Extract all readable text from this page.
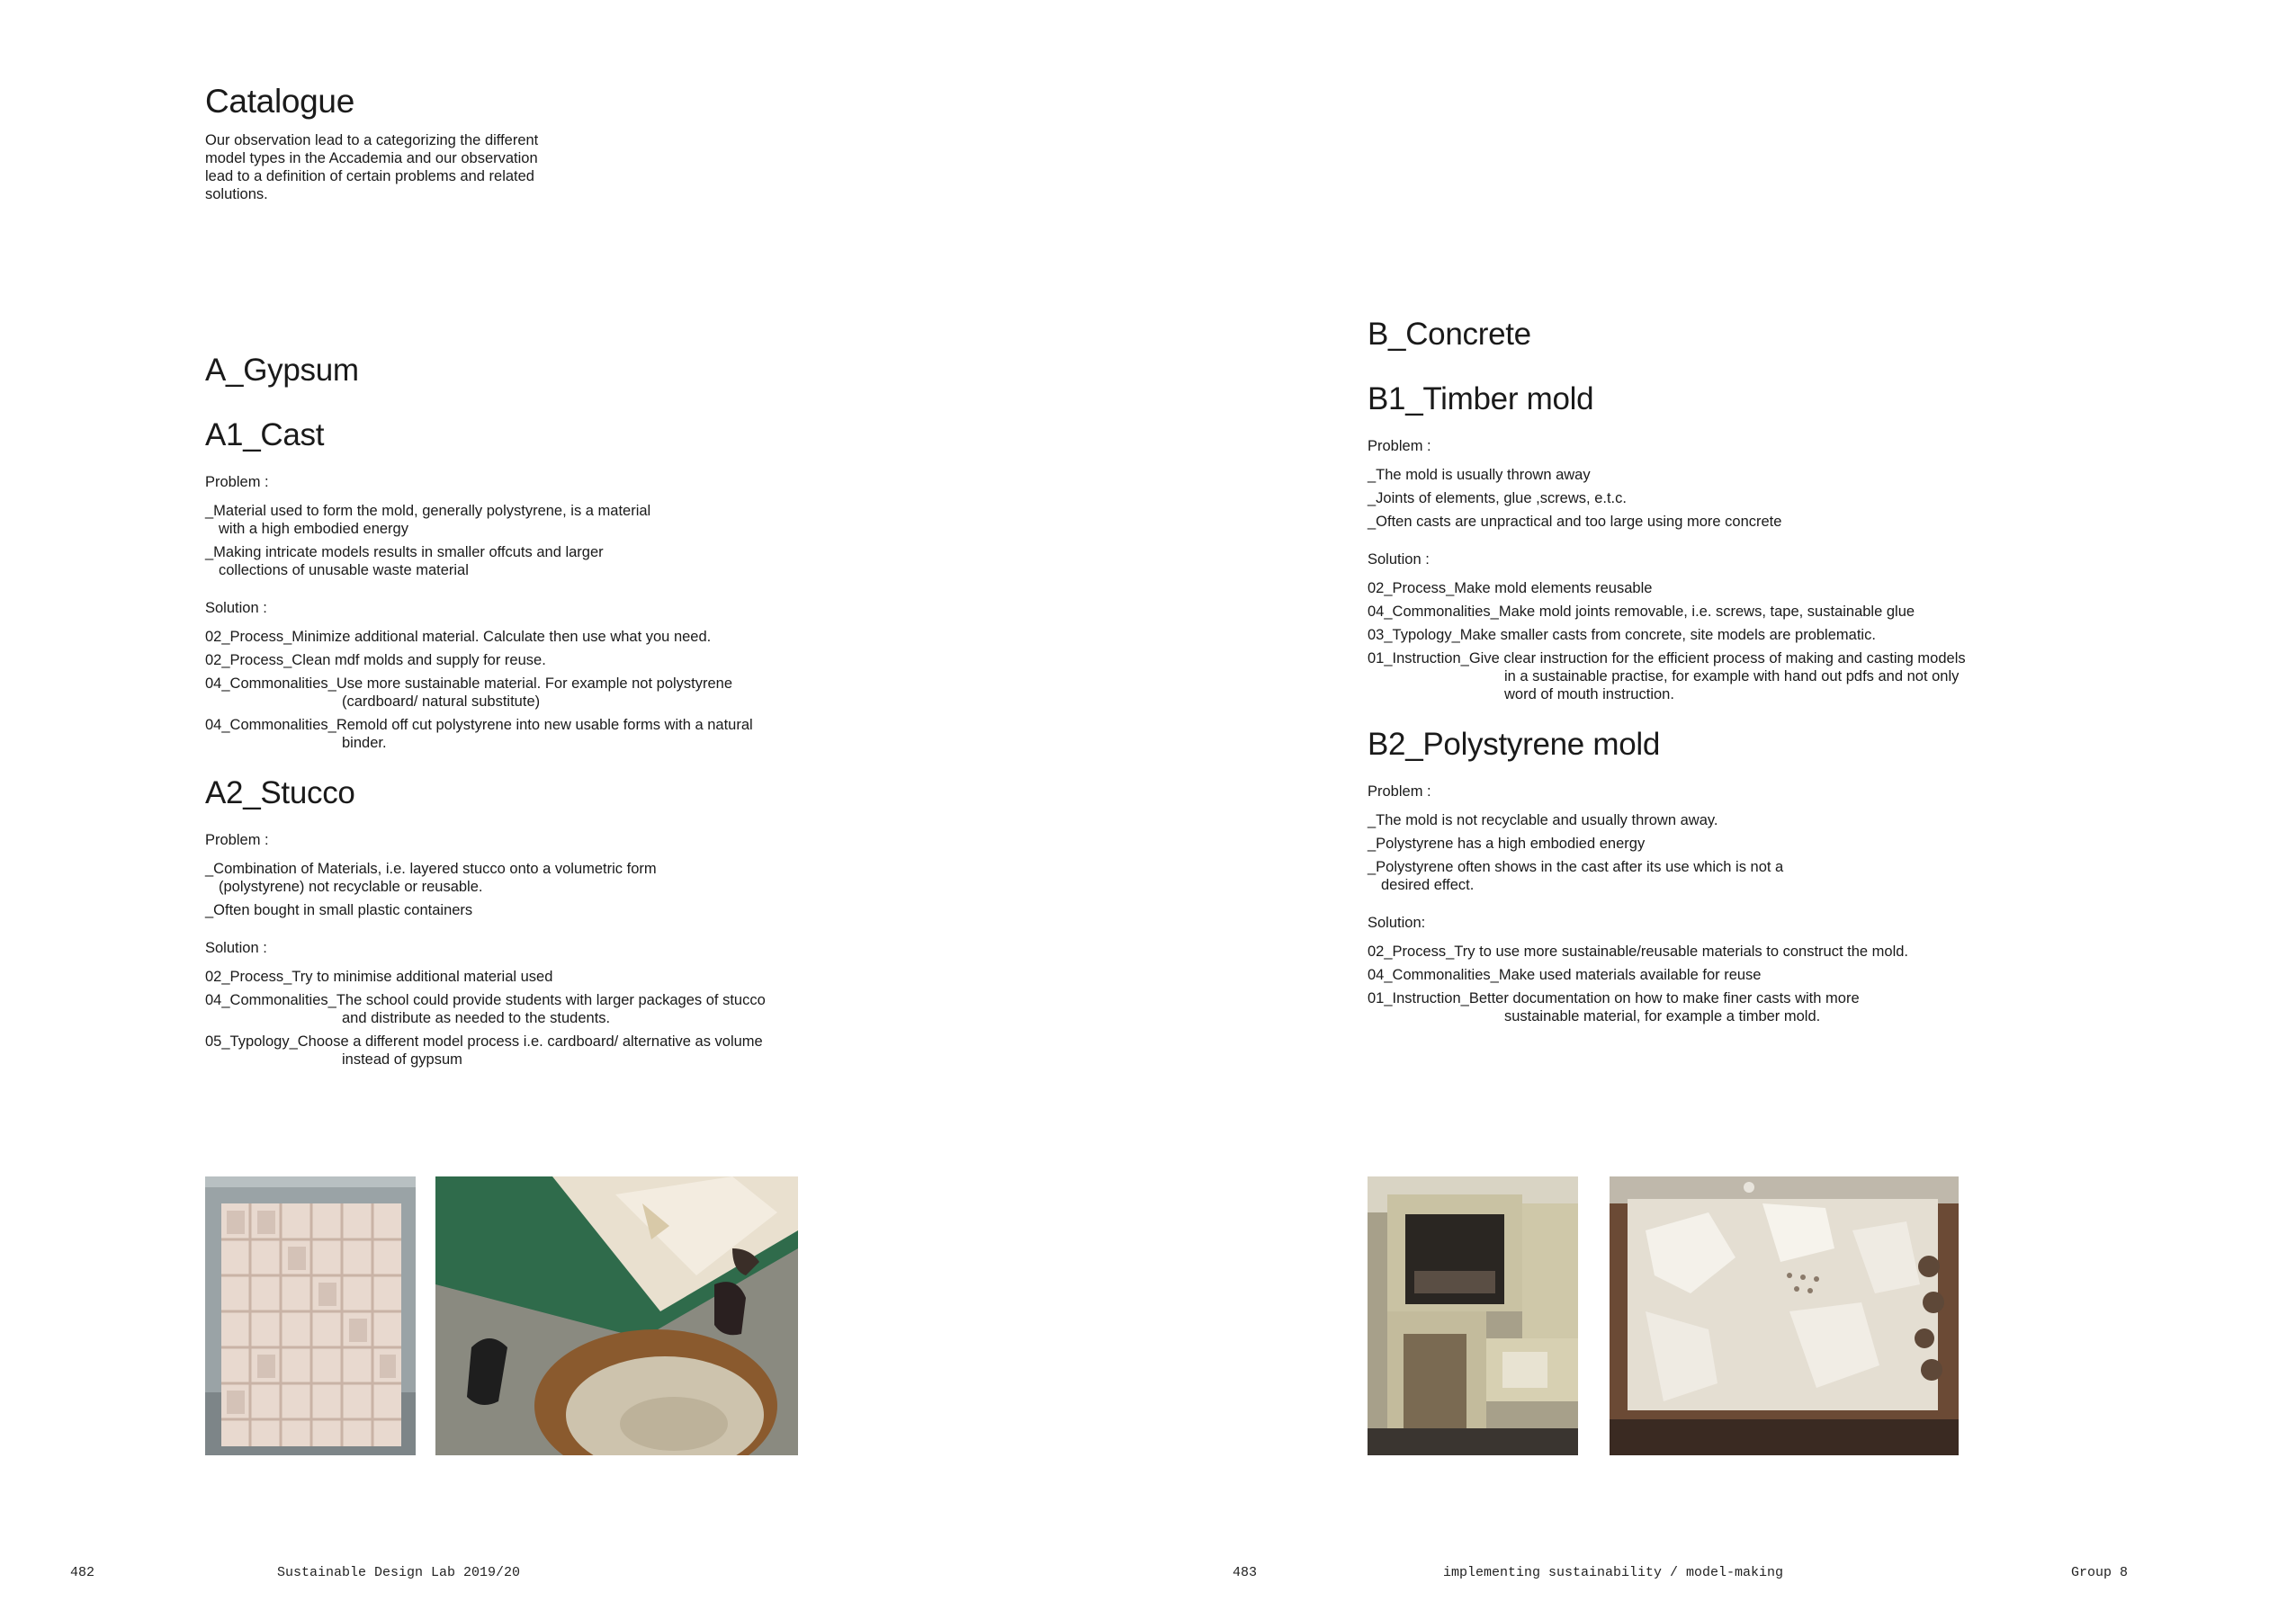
Catalogue
Our observation lead to a categorizing the different model types in the Accademia and our observation lead to a definition of certain problems and related solutions.
A_Gypsum
A1_Cast
Problem :
_Material used to form the mold, generally polystyrene, is a material with a high embodied energy
_Making intricate models results in smaller offcuts and larger collections of unusable waste material
Solution :
02_Process_Minimize additional material. Calculate then use what you need.
02_Process_Clean mdf molds and supply for reuse.
04_Commonalities_Use more sustainable material. For example not polystyrene (cardboard/ natural substitute)
04_Commonalities_Remold off cut polystyrene into new usable forms with a natural binder.
A2_Stucco
Problem :
_Combination of Materials, i.e. layered stucco onto a volumetric form (polystyrene) not recyclable or reusable.
_Often bought in small plastic containers
Solution :
02_Process_Try to minimise additional material used
04_Commonalities_The school could provide students with larger packages of stucco and distribute as needed to the students.
05_Typology_Choose a different model process i.e. cardboard/ alternative as volume instead of gypsum
482	Sustainable Design Lab 2019/20
B_Concrete
B1_Timber mold
Problem :
_The mold is usually thrown away
_Joints of elements, glue ,screws, e.t.c.
_Often casts are unpractical and too large using more concrete
Solution :
02_Process_Make mold elements reusable
04_Commonalities_Make mold joints removable, i.e. screws, tape, sustainable glue
03_Typology_Make smaller casts from concrete, site models are problematic.
01_Instruction_Give clear instruction for the efficient process of making and casting models in a sustainable practise, for example with hand out pdfs and not only word of mouth instruction.
B2_Polystyrene mold
Problem :
_The mold is not recyclable and usually thrown away.
_Polystyrene has a high embodied energy
_Polystyrene often shows in the cast after its use which is not a desired effect.
Solution:
02_Process_Try to use more sustainable/reusable materials to construct the mold.
04_Commonalities_Make used materials available for reuse
01_Instruction_Better documentation on how to make finer casts with more sustainable material, for example a timber mold.
483	implementing sustainability / model-making	Group 8
